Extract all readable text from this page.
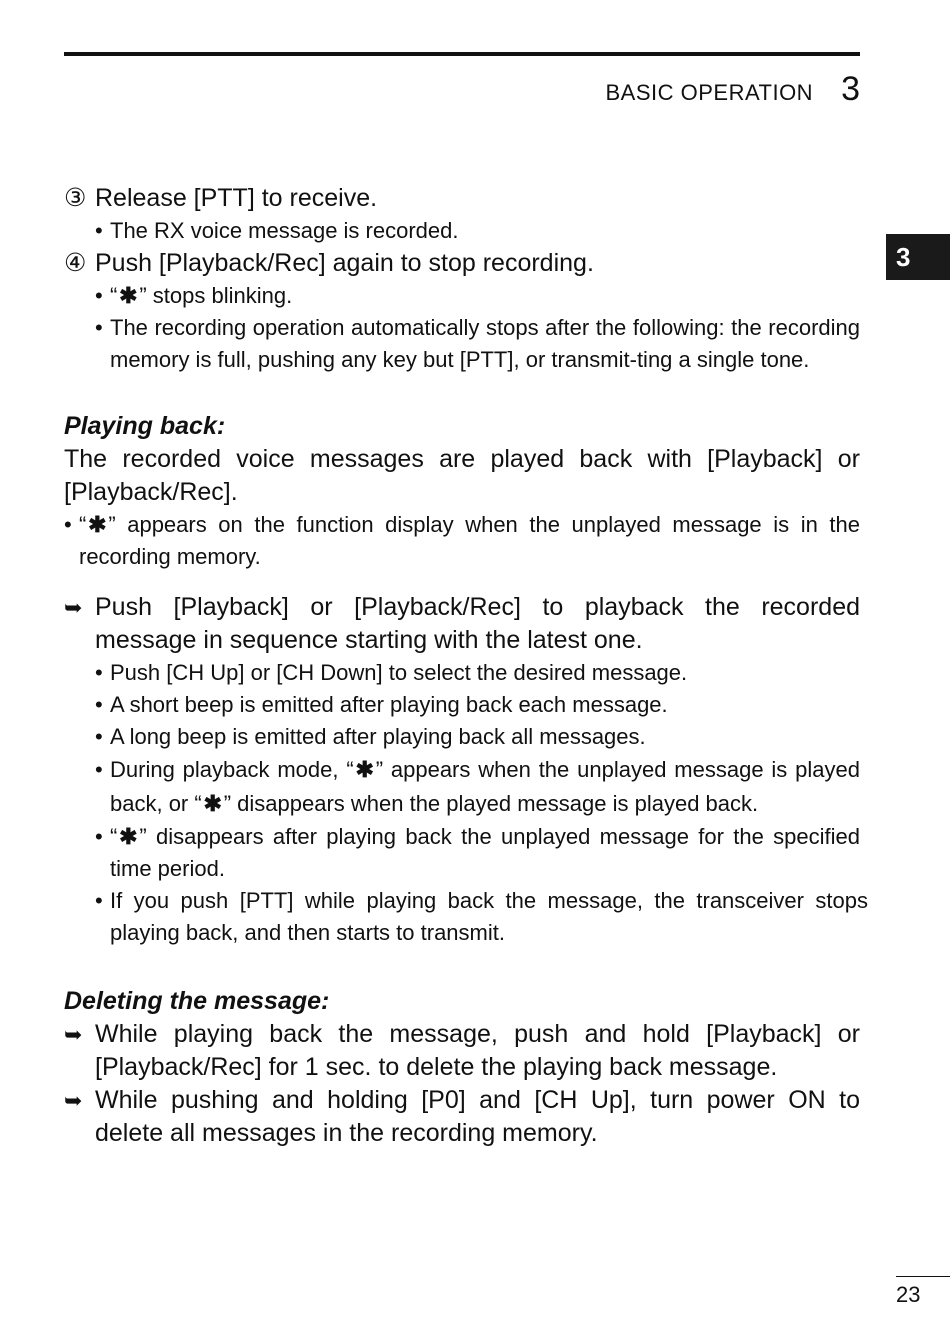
BASIC OPERATION 3
3
③ Release [PTT] to receive.
• The RX voice message is recorded.
④ Push [Playback/Rec] again to stop recording.
• “✱” stops blinking.
• The recording operation automatically stops after the following: the recording memory is full, pushing any key but [PTT], or transmit-ting a single tone.

Playing back:

The recorded voice messages are played back with [Playback] or [Playback/Rec].

• “✱” appears on the function display when the unplayed message is in the recording memory.
➥ Push [Playback] or [Playback/Rec] to playback the recorded message in sequence starting with the latest one.
• Push [CH Up] or [CH Down] to select the desired message.
• A short beep is emitted after playing back each message.
• A long beep is emitted after playing back all messages.
• During playback mode, “✱” appears when the unplayed message is played back, or “✱” disappears when the played message is played back.
• “✱” disappears after playing back the unplayed message for the specified time period.
• If you push [PTT] while playing back the message, the transceiver stops playing back, and then starts to transmit.

Deleting the message:

➥ While playing back the message, push and hold [Playback] or [Playback/Rec] for 1 sec. to delete the playing back message.
➥ While pushing and holding [P0] and [CH Up], turn power ON to delete all messages in the recording memory.
23
